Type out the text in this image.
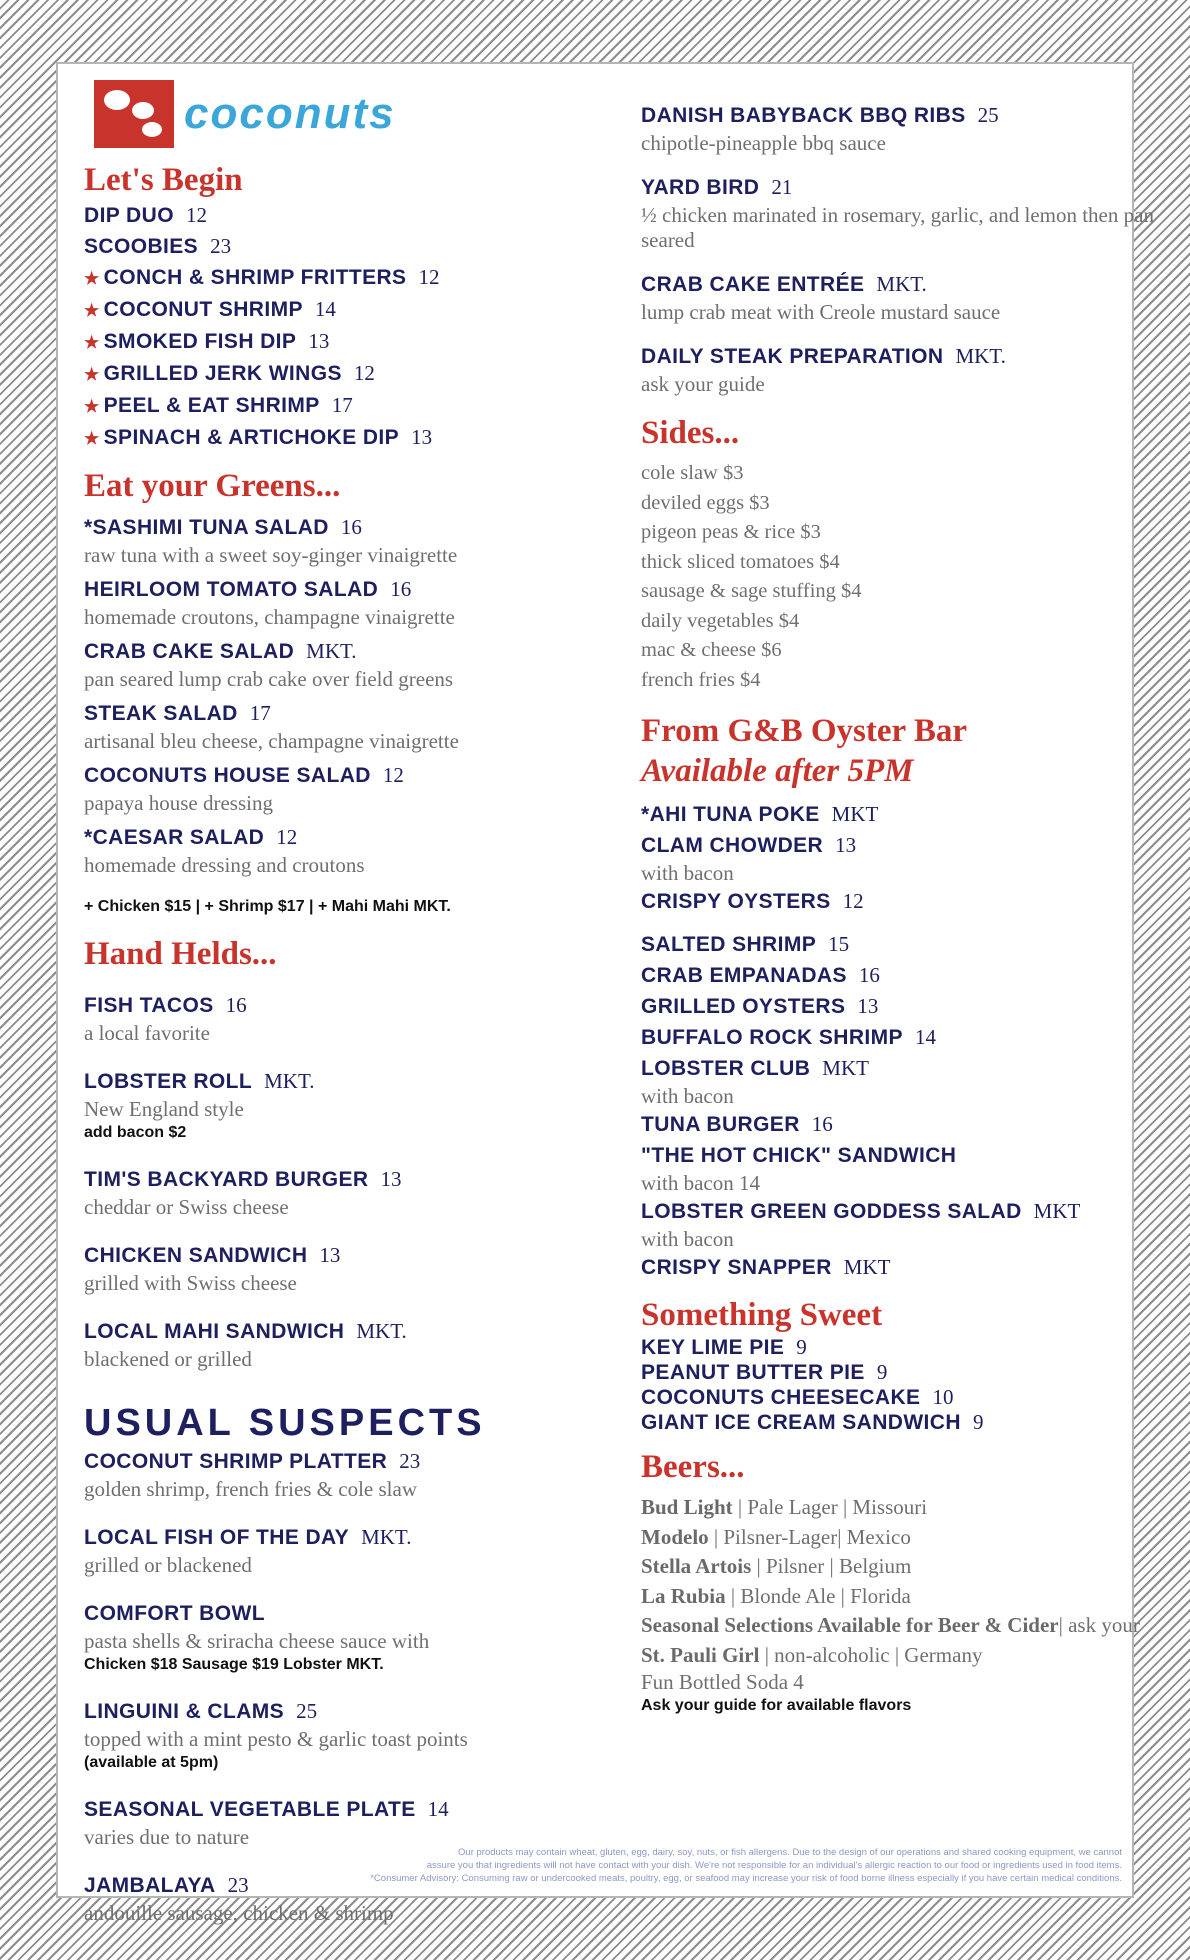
coconuts
Let's Begin
DIP DUO 12
SCOOBIES 23
★ CONCH & SHRIMP FRITTERS 12
★ COCONUT SHRIMP 14
★ SMOKED FISH DIP 13
★ GRILLED JERK WINGS 12
★ PEEL & EAT SHRIMP 17
★ SPINACH & ARTICHOKE DIP 13
Eat your Greens...
*SASHIMI TUNA SALAD 16
raw tuna with a sweet soy-ginger vinaigrette
HEIRLOOM TOMATO SALAD 16
homemade croutons, champagne vinaigrette
CRAB CAKE SALAD MKT.
pan seared lump crab cake over field greens
STEAK SALAD 17
artisanal bleu cheese, champagne vinaigrette
COCONUTS HOUSE SALAD 12
papaya house dressing
*CAESAR SALAD 12
homemade dressing and croutons
+ Chicken $15 | + Shrimp $17 | + Mahi Mahi MKT.
Hand Helds...
FISH TACOS 16
a local favorite
LOBSTER ROLL MKT.
New England style
add bacon $2
TIM'S BACKYARD BURGER 13
cheddar or Swiss cheese
CHICKEN SANDWICH 13
grilled with Swiss cheese
LOCAL MAHI SANDWICH MKT.
blackened or grilled
USUAL SUSPECTS
COCONUT SHRIMP PLATTER 23
golden shrimp, french fries & cole slaw
LOCAL FISH OF THE DAY MKT.
grilled or blackened
COMFORT BOWL
pasta shells & sriracha cheese sauce with
Chicken $18 Sausage $19 Lobster MKT.
LINGUINI & CLAMS 25
topped with a mint pesto & garlic toast points
(available at 5pm)
SEASONAL VEGETABLE PLATE 14
varies due to nature
JAMBALAYA 23
andouille sausage, chicken & shrimp
DANISH BABYBACK BBQ RIBS 25
chipotle-pineapple bbq sauce
YARD BIRD 21
½ chicken marinated in rosemary, garlic, and lemon then pan seared
CRAB CAKE ENTRÉE MKT.
lump crab meat with Creole mustard sauce
DAILY STEAK PREPARATION MKT.
ask your guide
Sides...
cole slaw $3
deviled eggs $3
pigeon peas & rice $3
thick sliced tomatoes $4
sausage & sage stuffing $4
daily vegetables $4
mac & cheese $6
french fries $4
From G&B Oyster Bar
Available after 5PM
*AHI TUNA POKE MKT
CLAM CHOWDER 13
with bacon
CRISPY OYSTERS 12
SALTED SHRIMP 15
CRAB EMPANADAS 16
GRILLED OYSTERS 13
BUFFALO ROCK SHRIMP 14
LOBSTER CLUB MKT
with bacon
TUNA BURGER 16
"THE HOT CHICK" SANDWICH
with bacon 14
LOBSTER GREEN GODDESS SALAD MKT
with bacon
CRISPY SNAPPER MKT
Something Sweet
KEY LIME PIE 9
PEANUT BUTTER PIE 9
COCONUTS CHEESECAKE 10
GIANT ICE CREAM SANDWICH 9
Beers...
Bud Light | Pale Lager | Missouri
Modelo | Pilsner-Lager| Mexico
Stella Artois | Pilsner | Belgium
La Rubia | Blonde Ale | Florida
Seasonal Selections Available for Beer & Cider| ask your
St. Pauli Girl | non-alcoholic | Germany
Fun Bottled Soda 4
Ask your guide for available flavors
Our products may contain wheat, gluten, egg, dairy, soy, nuts, or fish allergens. Due to the design of our operations and shared cooking equipment, we cannot
assure you that ingredients will not have contact with your dish. We're not responsible for an individual's allergic reaction to our food or ingredients used in food items.
*Consumer Advisory: Consuming raw or undercooked meats, poultry, egg, or seafood may increase your risk of food borne illness especially if you have certain medical conditions.
